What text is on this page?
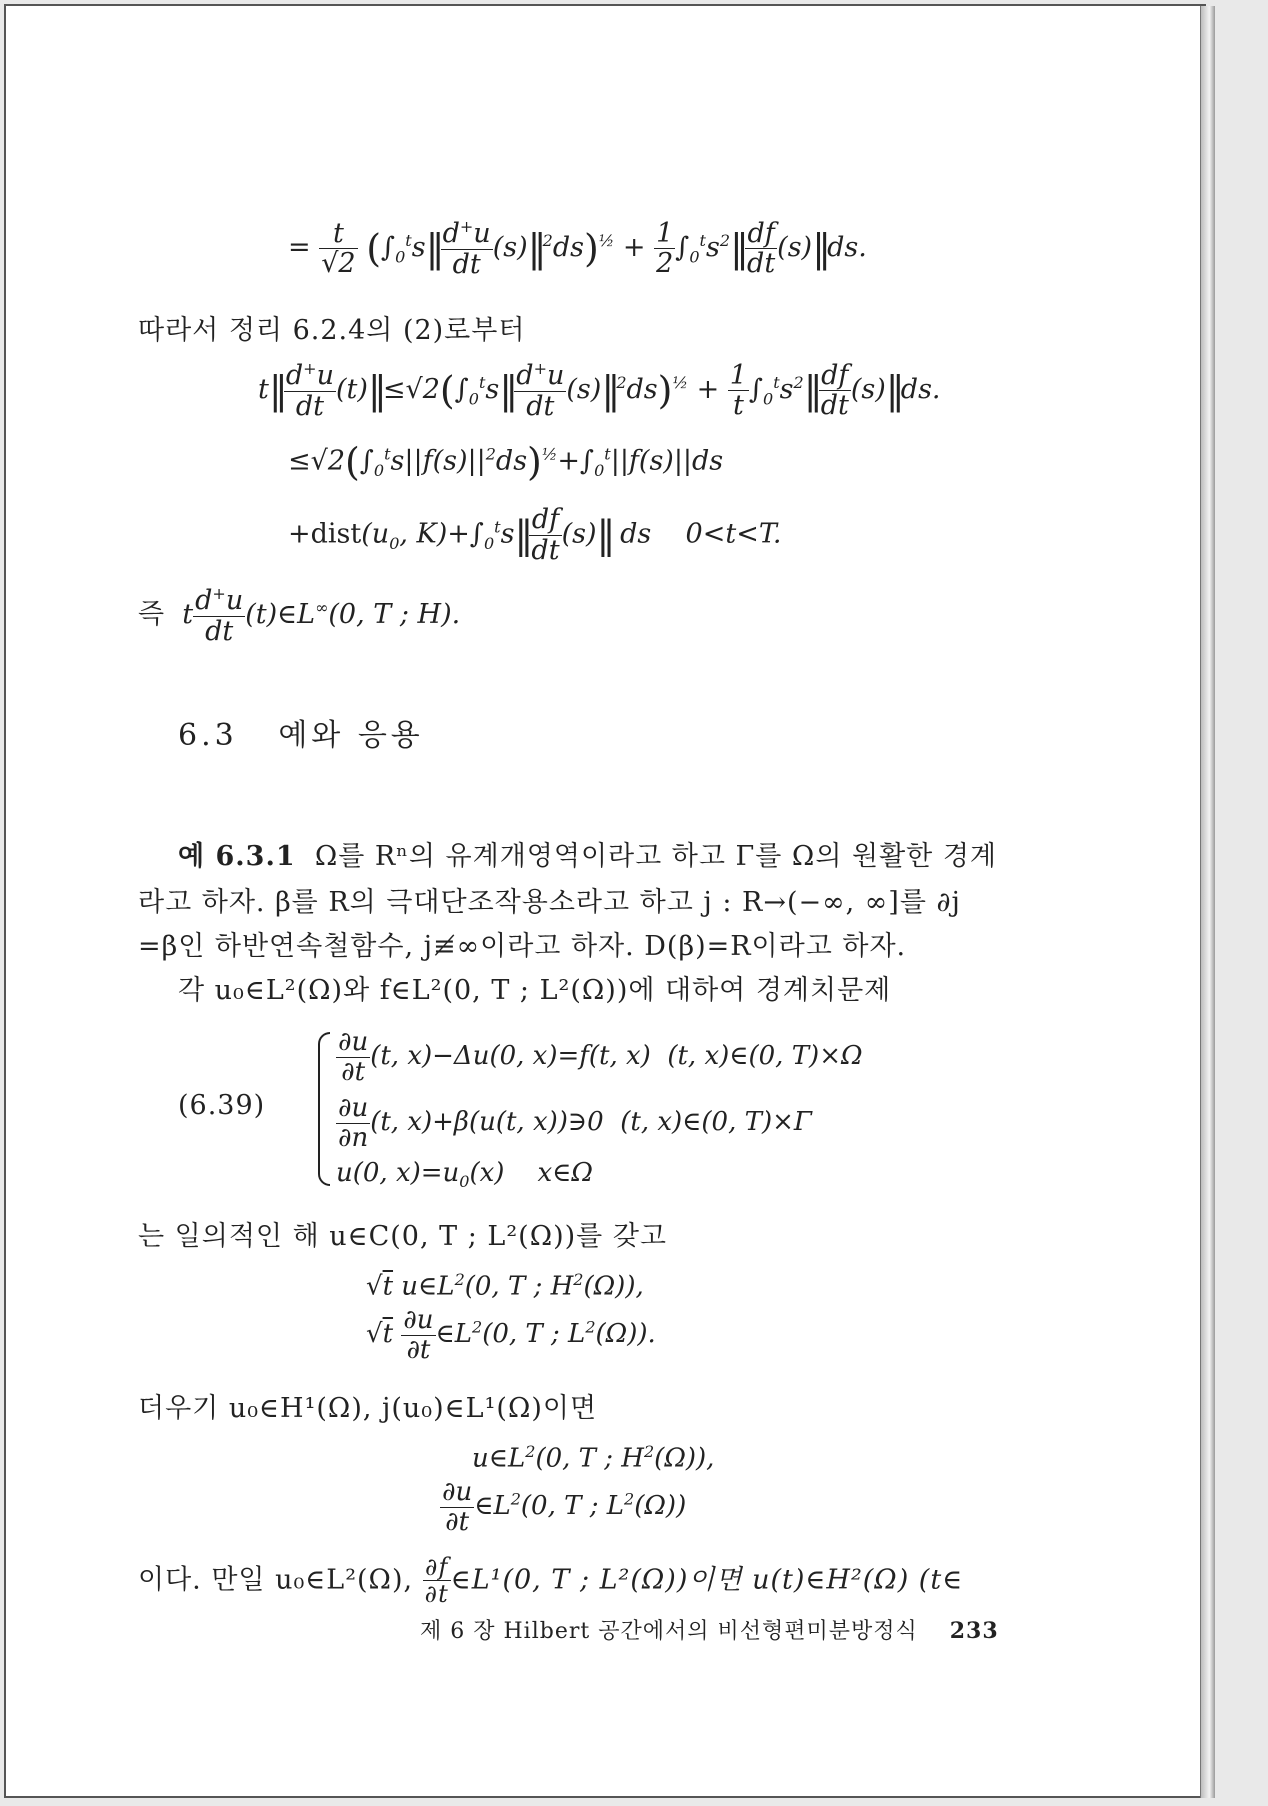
= $\frac{t}{√2}$ ($\int_0^ts‖ \frac{d^+u}{dt}$ (s)‖$^2$ds)$^{\frac{1}{2}}$ + $\frac{1}{2}$ $\int_0^ts^2‖ \frac{df}{dt}$ (s)‖ds.
따라서 정리 6.2.4의 (2)로부터
t‖ $\frac{d^+u}{dt}$ $(t)‖\le√2(\int_0^ts‖ \frac{d^+u}{dt}$ (s)‖$^2$ds)$^{\frac{1}{2}}$ + $\frac{1}{t}$ $\int_0^ts^2‖ \frac{df}{dt}$ (s)‖ds.
$\le√2(\int_0^ts||f(s)||^2ds)^{\frac{1}{2}}+\int_0^t||f(s)||ds$
$+dist(u_0$, $K)+\int_0^ts‖ \frac{df}{dt}$ (s)‖ ds    0<t<T.
즉  t $\frac{d^+u}{dt}$ (t)∈L∞(0, T ; H).
6.3 예와 응용
예 6.3.1 Ω를 Rⁿ의 유계개영역이라고 하고 Γ를 Ω의 원활한 경계
라고 하자. β를 R의 극대단조작용소라고 하고 j : R→(−∞, ∞]를 ∂j
=β인 하반연속철함수, j≢∞이라고 하자. D(β)=R이라고 하자.
각 u₀∈L²(Ω)와 f∈L²(0, T ; L²(Ω))에 대하여 경계치문제
(6.39)
$\frac{\partial u}{\partial t} (t$, x)−Δu(0, x)=f(t, x)  (t, x)∈(0, T)×Ω
$\frac{\partial u}{\partial n} (t$, x)+β(u(t, x))∋0  (t, x)∈(0, T)×Γ
u(0, $x)=u_0(x)$    x∈Ω
는 일의적인 해 u∈C(0, T ; L²(Ω))를 갖고
√t $u\in L^2(0$, T ; $H^2(\Omega)$),
$√t \frac{\partial u}{\partial t}$ $\in L^2(0$, T ; $L^2(\Omega)$).
더우기 u₀∈H¹(Ω), j(u₀)∈L¹(Ω)이면
$u\in L^2(0$, T ; $H^2(\Omega)$),
$\frac{\partial u}{\partial t}$ $\in L^2(0$, T ; $L^2(\Omega)$)
이다. 만일 u₀∈L²(Ω), $\frac{\partial f}{\partial t}$ ∈L¹(0, T ; L²(Ω))이면 u(t)∈H²(Ω) (t∈
제 6 장 Hilbert 공간에서의 비선형편미분방정식 233
